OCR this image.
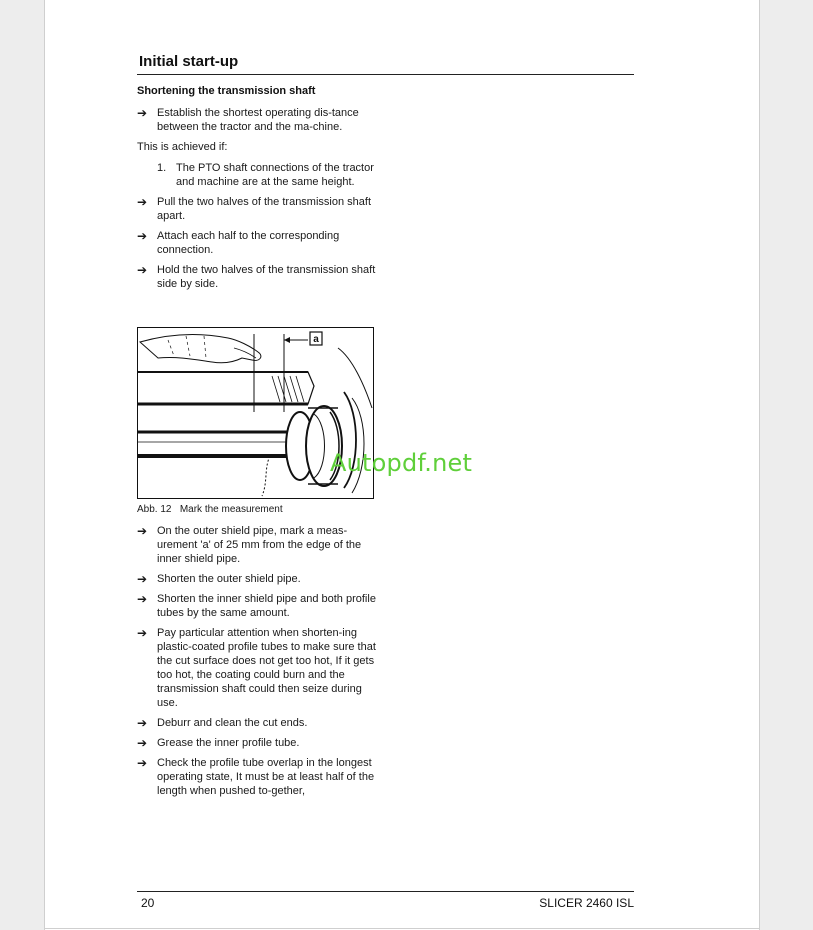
Initial start-up
Shortening the transmission shaft
➔ Establish the shortest operating dis-tance between the tractor and the ma-chine.
This is achieved if:
1. The PTO shaft connections of the tractor and machine are at the same height.
➔ Pull the two halves of the transmission shaft apart.
➔ Attach each half to the corresponding connection.
➔ Hold the two halves of the transmission shaft side by side.
a
Abb. 12 Mark the measurement
Autopdf.net
➔ On the outer shield pipe, mark a meas-urement 'a' of 25 mm from the edge of the inner shield pipe.
➔ Shorten the outer shield pipe.
➔ Shorten the inner shield pipe and both profile tubes by the same amount.
➔ Pay particular attention when shorten-ing plastic-coated profile tubes to make sure that the cut surface does not get too hot, If it gets too hot, the coating could burn and the transmission shaft could then seize during use.
➔ Deburr and clean the cut ends.
➔ Grease the inner profile tube.
➔ Check the profile tube overlap in the longest operating state, It must be at least half of the length when pushed to-gether,
20	SLICER 2460 ISL
